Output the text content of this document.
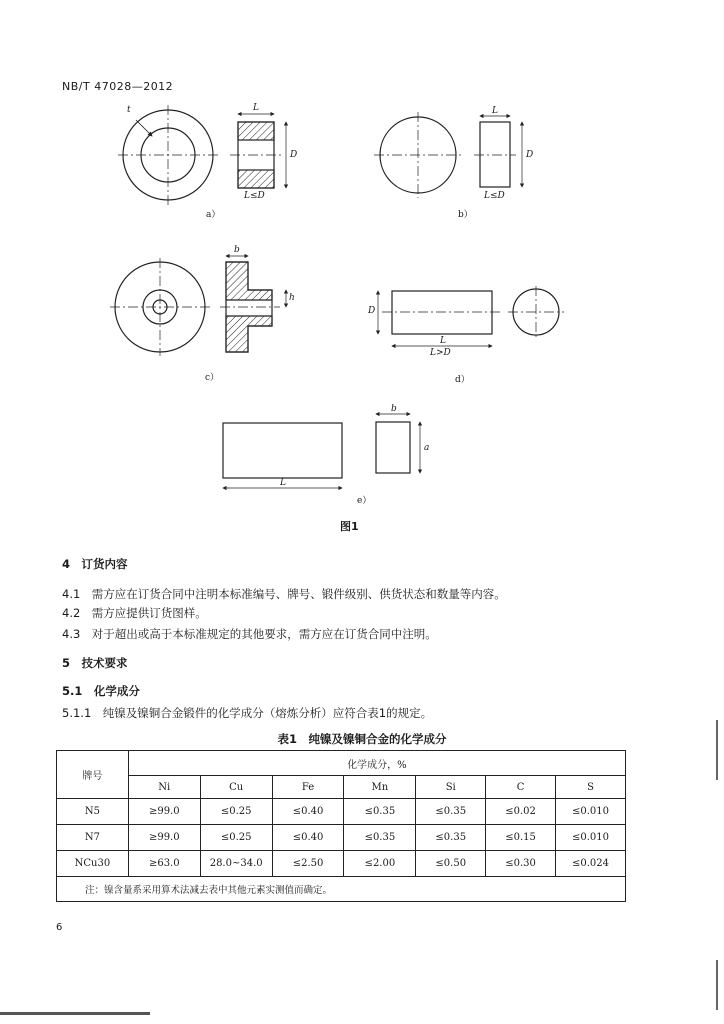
NB/T 47028—2012
t	L
D
L≤D
a）
L
D
L≤D
b）
b
h
c）
D
L
L>D
d）
L
b
a
e）
图1
4　 订货内容
4.1　 需方应在订货合同中注明本标准编号、牌号、锻件级别、供货状态和数量等内容。
4.2　 需方应提供订货图样。
4.3　 对于超出或高于本标准规定的其他要求，需方应在订货合同中注明。
5　 技术要求
5.1　 化学成分
5.1.1　 纯镍及镍铜合金锻件的化学成分（熔炼分析）应符合表1的规定。
表1　纯镍及镍铜合金的化学成分
牌号	化学成分，%						
	Ni	Cu	Fe	Mn	Si	C	S
N5	≥99.0	≤0.25	≤0.40	≤0.35	≤0.35	≤0.02	≤0.010
N7	≥99.0	≤0.25	≤0.40	≤0.35	≤0.35	≤0.15	≤0.010
NCu30	≥63.0	28.0~34.0	≤2.50	≤2.00	≤0.50	≤0.30	≤0.024
注：镍含量系采用算术法减去表中其他元素实测值而确定。							
6
